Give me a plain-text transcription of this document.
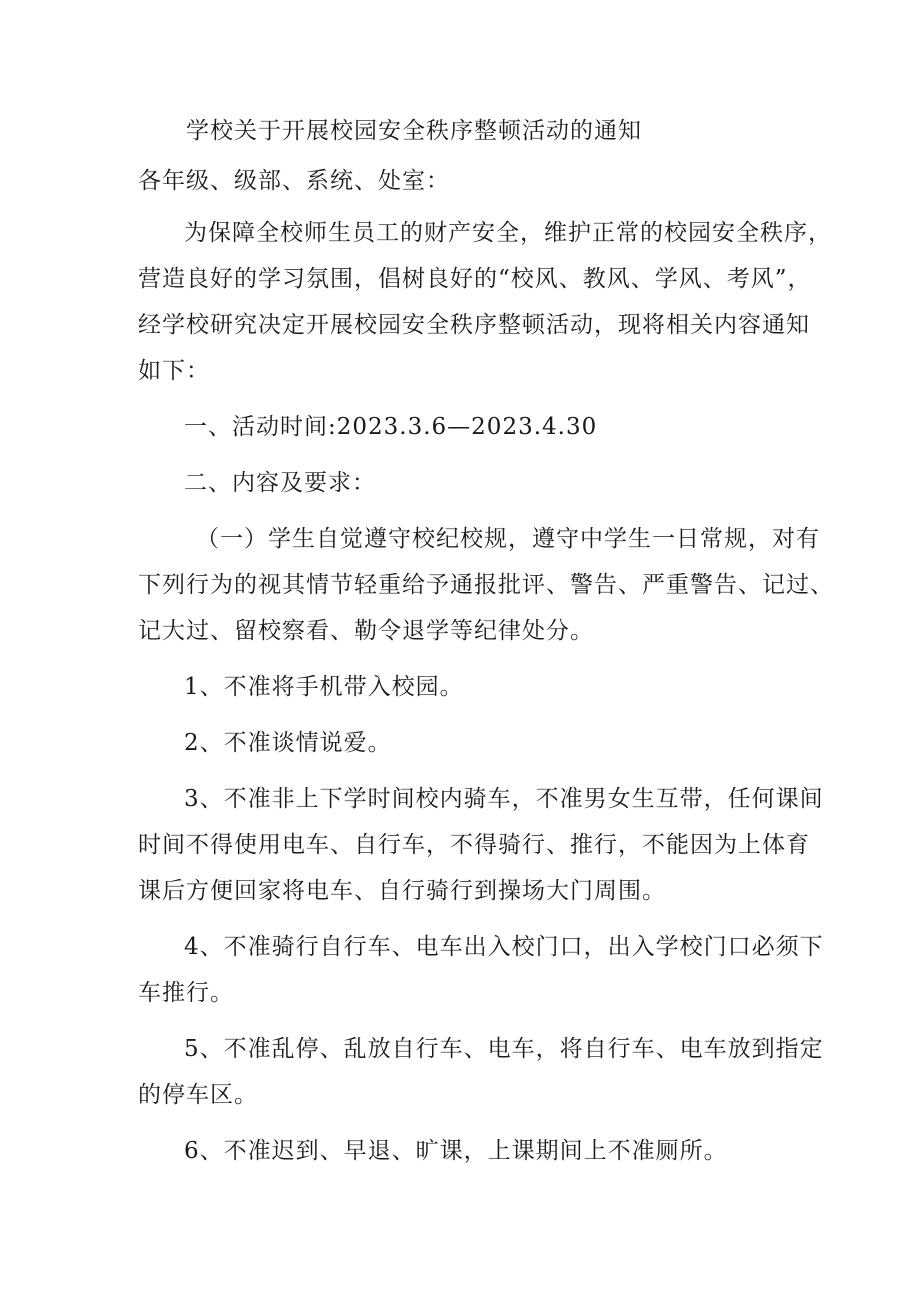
学校关于开展校园安全秩序整顿活动的通知

各年级、级部、系统、处室：

为保障全校师生员工的财产安全，维护正常的校园安全秩序，
营造良好的学习氛围，倡树良好的“校风、教风、学风、考风”，
经学校研究决定开展校园安全秩序整顿活动，现将相关内容通知
如下：
一、活动时间:2023.3.6—2023.4.30
二、内容及要求：
（一）学生自觉遵守校纪校规，遵守中学生一日常规，对有
下列行为的视其情节轻重给予通报批评、警告、严重警告、记过、
记大过、留校察看、勒令退学等纪律处分。
1、不准将手机带入校园。
2、不准谈情说爱。
3、不准非上下学时间校内骑车，不准男女生互带，任何课间
时间不得使用电车、自行车，不得骑行、推行，不能因为上体育
课后方便回家将电车、自行骑行到操场大门周围。
4、不准骑行自行车、电车出入校门口，出入学校门口必须下
车推行。
5、不准乱停、乱放自行车、电车，将自行车、电车放到指定
的停车区。
6、不准迟到、早退、旷课，上课期间上不准厕所。
